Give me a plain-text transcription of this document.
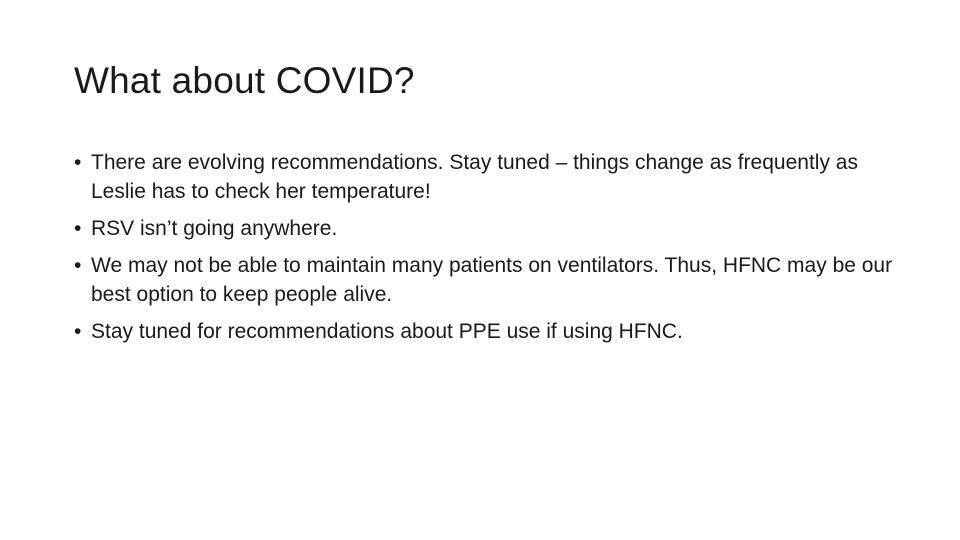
What about COVID?
• There are evolving recommendations. Stay tuned – things change as frequently as Leslie has to check her temperature!
• RSV isn’t going anywhere.
• We may not be able to maintain many patients on ventilators. Thus, HFNC may be our best option to keep people alive.
• Stay tuned for recommendations about PPE use if using HFNC.
